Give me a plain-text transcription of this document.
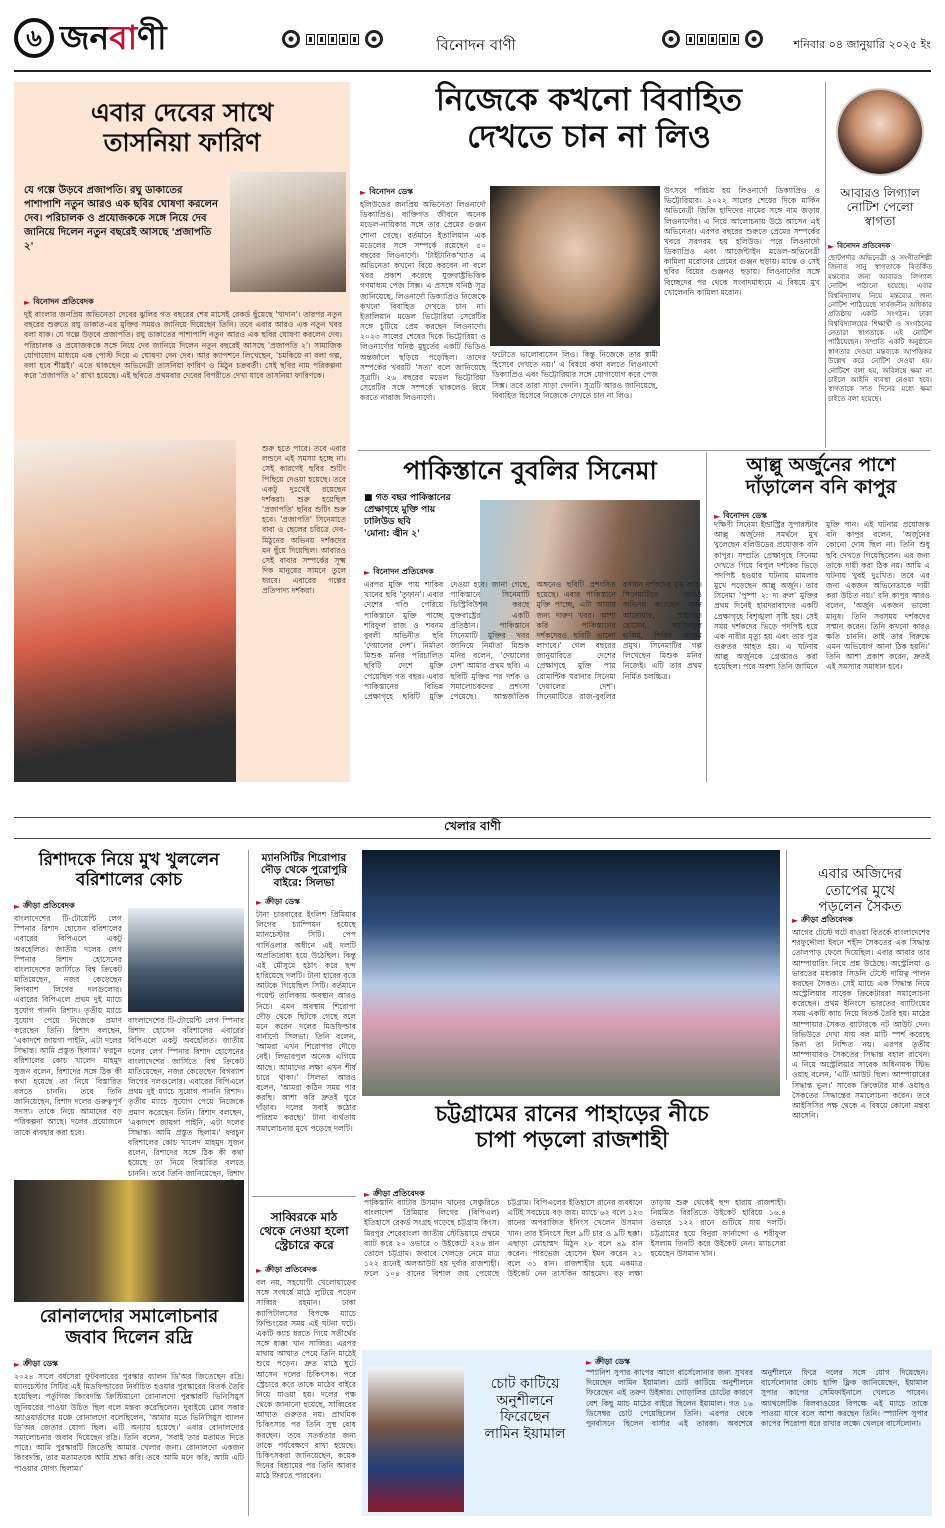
৬ জনবাণী	বিনোদন বাণী	শনিবার ০৪ জানুয়ারি ২০২৫ ইং
এবার দেবের সাথে
তাসনিয়া ফারিণ
যে গল্পে উড়বে প্রজাপতি। রঘু ডাকাতের পাশাপাশি নতুন আরও এক ছবির ঘোষণা করলেন দেব। পরিচালক ও প্রযোজককে সঙ্গে নিয়ে দেব জানিয়ে দিলেন নতুন বছরেই আসছে 'প্রজাপতি ২'
► বিনোদন প্রতিবেদক
দুই বাংলার জনপ্রিয় অভিনেতা দেবের ঝুলির গত বছরের শেষ মাসেই রেকর্ড ছুঁয়েছে 'খাদান'। তারপর নতুন বছরের শুরুতে রঘু ডাকাত-এর মুক্তির সময়ও জানিয়ে দিয়েছেন তিনি। তবে এবার আরও এক নতুন খবর বলা যাক। যে গল্পে উড়বে প্রজাপতি। রঘু ডাকাতের পাশাপাশি নতুন আরও এক ছবির ঘোষণা করলেন দেব। পরিচালক ও প্রযোজককে সঙ্গে নিয়ে দেব জানিয়ে দিলেন নতুন বছরেই আসছে 'প্রজাপতি ২'। সামাজিক যোগাযোগ মাধ্যমে এক পোস্ট দিয়ে এ ঘোষণা দেন দেব। আর ক্যাপশনে লিখেছেন, 'চমকিয়ে না বলা গল্প, বলা হবে শীঘ্রই।' এতে থাকছেন অভিনেত্রী তাসনিয়া ফারিণ ও মিঠুন চক্রবর্তী। সেই ছবির নাম পরিকল্পনা করে 'প্রজাপতি ২' রাখা হয়েছে। এই ছবিতে প্রথমবার দেবের বিপরীতে দেখা যাবে তাসনিয়া ফারিণকে।
শুরু হতে পারে। তবে এবার লন্ডনে এই সমস্যা হচ্ছে না। সেই কারণেই ছবির শুটিং পিছিয়ে দেওয়া হয়েছে। তবে একটু দুঃখেই রয়েছেন দর্শকরা। শুরু হয়েছিল 'প্রজাপতি' ছবির শুটিং শুরু হবে। 'প্রজাপতি' সিনেমাতে বাবা ও ছেলের চরিত্রে দেব-মিঠুনের অভিনয় দর্শকদের মন ছুঁয়ে দিয়েছিল। আবারও সেই বাবার সম্পর্কের সূক্ষ্ম দিক মানুষের সামনে তুলে ধরবে। এবারের গল্পের প্রতিপাদ্য দর্শকরা।
নিজেকে কখনো বিবাহিত
দেখতে চান না লিও
► বিনোদন ডেস্ক
হলিউডের জনপ্রিয় অভিনেতা লিওনার্দো ডিক্যাপ্রিও। ব্যক্তিগত জীবনে অনেক মডেল-নায়িকার সঙ্গে তার প্রেমের গুঞ্জন শোনা গেছে। বর্তমানে ইতালিয়ান এক মডেলের সঙ্গে সম্পর্কে রয়েছেন ৫০ বছরের লিওনার্দো। 'টাইটানিক'খ্যাত এ অভিনেতা কখনো বিয়ে করবেন না বলে খবর প্রকাশ করেছে যুক্তরাষ্ট্রভিত্তিক গণমাধ্যম পেজ সিক্স। এ প্রসঙ্গে ঘনিষ্ঠ সূত্র জানিয়েছে, লিওনার্দো ডিক্যাপ্রিও নিজেকে কখনো বিবাহিত দেখতে চান না। ইতালিয়ান মডেল ভিট্টোরিয়া সেরেটির সঙ্গে চুটিয়ে প্রেম করছেন লিওনার্দো। ২০২৩ সালের শেষের দিকে ভিট্টোরিয়া ও লিওনার্দোর ঘনিষ্ঠ মুহূর্তের একটি ভিডিও অন্তর্জালে ছড়িয়ে পড়েছিল। তাদের সম্পর্কের খবরটি 'সত্য' বলে জানিয়েছে সূত্রটি। ২৬ বছরের মডেল ভিট্টোরিয়া সেরেটির সঙ্গে সম্পর্কে থাকলেও বিয়ে করতে নারাজ লিওনার্দো।
ফটোতে ভালোবাসেন লিও। কিন্তু নিজেকে তার স্বামী হিসেবে দেখতে নয়।' এ বিষয়ে কথা বলতে লিওনার্দো ডিক্যাপ্রিও এবং ভিট্টোরিয়ার সঙ্গে যোগাযোগ করে পেজ সিক্স। তবে তারা সাড়া দেননি। সূত্রটি আরও জানিয়েছে, বিবাহিত হিসেবে নিজেকে দেখতে চান না লিও।
উৎসবে পরিচয় হয় লিওনার্দো ডিক্যাপ্রিও ও ভিট্টোরিয়ার। ২০২২ সালের শেষের দিকে মার্কিন অভিনেত্রী জিজি হাদিদের নামের সঙ্গে নাম জড়ায় লিওনার্দোর। এ নিয়ে আলোচনায় উঠে আসেন এই অভিনেতা। এরপর বছরের শুরুতে প্রেমের সম্পর্কের খবরে সরগরম হয় হলিউড। পরে লিওনার্দো ডিক্যাপ্রিও এবং আর্জেন্টাইন মডেল-অভিনেত্রী কামিলা মরোনের প্রেমের গুঞ্জন ছড়ায়। মাঝে ও সেই ছবির বিয়ের গুঞ্জনও ছড়ায়। লিওনার্দোর সঙ্গে বিচ্ছেদের পর থেকে সংবাদমাধ্যমে এ বিষয়ে মুখ খোলেননি কামিলা মরোন।
আবারও লিগ্যাল
নোটিশ পেলো
স্বাগতা
► বিনোদন প্রতিবেদক
ছোটপর্দার অভিনেত্রী ও সংগীতশিল্পী জিনাত সানু স্বাগতাকে বিতর্কিত মন্তব্যের জন্য আবারও লিগ্যাল নোটিশ পাঠানো হয়েছে। এবার বিশ্ববিদ্যালয় নিয়ে মন্তব্যের জন্য নোটিশ পাঠিয়েছে সার্বজনীন অধিকার প্রতিষ্ঠায় একটি সংগঠন। ঢাকা বিশ্ববিদ্যালয়ের শিক্ষার্থী ও সংগঠনের নেতারা স্বাগতাকে এই নোটিশ পাঠিয়েছেন। সম্প্রতি একটি অনুষ্ঠানে স্বাগতার দেওয়া মন্তব্যকে আপত্তিকর উল্লেখ করে নোটিশ দেওয়া হয়। নোটিশে বলা হয়, অবিলম্বে ক্ষমা না চাইলে আইনি ব্যবস্থা নেওয়া হবে। স্বাগতাকে সাত দিনের মধ্যে ক্ষমা চাইতে বলা হয়েছে।
পাকিস্তানে বুবলির সিনেমা
■ গত বছর পাকিস্তানের
প্রেক্ষাগৃহে মুক্তি পায়
ঢালিউড ছবি
'মোনা: জ্বীন ২'
► বিনোদন প্রতিবেদক
এরপর মুক্তি পায় শাকিব খানের ছবি 'তুফান'। এবার দেশের গণ্ডি পেরিয়ে পাকিস্তানে মুক্তি পাচ্ছে শরিফুল রাজ ও শবনম বুবলী অভিনীত ছবি 'দেয়ালের দেশ'। নির্মাতা মিশুক মনির পরিচালিত ছবিটি দেশে মুক্তি পেয়েছিল গত বছর। এবার পাকিস্তানের বিভিন্ন প্রেক্ষাগৃহে ছবিটি মুক্তি দেওয়া হবে। জানা গেছে, পাকিস্তানে সিনেমাটি ডিস্ট্রিবিউশন করছে যুক্তরাষ্ট্রের একটি প্রতিষ্ঠান। পাকিস্তানে সিনেমাটি মুক্তির খবর জানিয়ে নির্মাতা মিশুক মনির বলেন, 'দেয়ালের দেশ' আমার প্রথম ছবি। এ ছবিটি মুক্তির পর দর্শক ও সমালোচকদের প্রশংসা পেয়েছে। আন্তর্জাতিক অঙ্গনেও ছবিটি প্রশংসিত হয়েছে। এবার পাকিস্তানে মুক্তি পাচ্ছে, এটা আমার জন্য দারুণ খবর। আশা করি পাকিস্তানের দর্শকদেরও ছবিটি ভালো লাগবে।' গেল বছরের জানুয়ারিতে দেশের প্রেক্ষাগৃহে মুক্তি পায় রোমান্টিক ঘরানার সিনেমা 'দেয়ালের দেশ'। সিনেমাটিতে রাজ-বুবলির রসায়ন দর্শকদের মুগ্ধ করে। সিনেমাটিতে আরও অভিনয় করেছেন সুমন আনোয়ার, শাহাদাত হোসেন, আজিজুল হাকিম, শিরিন আলম প্রমুখ। সিনেমাটির গল্প লিখেছেন মিশুক মনির নিজেই। এটি তার প্রথম নির্মিত চলচ্চিত্র।
আল্লু অর্জুনের পাশে
দাঁড়ালেন বনি কাপুর
► বিনোদন ডেস্ক
দক্ষিণী সিনেমা ইন্ডাস্ট্রির সুপারস্টার আল্লু অর্জুনের সমর্থনে মুখ খুলেছেন বলিউডের প্রযোজক বনি কাপুর। সম্প্রতি প্রেক্ষাগৃহে সিনেমা দেখতে গিয়ে বিপুল দর্শকের ভিড়ে পদপিষ্ট হওয়ার ঘটনায় মামলার মুখে পড়েছেন আল্লু অর্জুন। তার সিনেমা 'পুষ্পা ২: দ্য রুল' মুক্তির প্রথম দিনেই হায়দরাবাদের একটি প্রেক্ষাগৃহে বিশৃঙ্খলা সৃষ্টি হয়। সেই সময় দর্শকদের ভিড়ে পদপিষ্ট হয়ে এক নারীর মৃত্যু হয় এবং তার পুত্র গুরুতর আহত হয়। এ ঘটনায় আল্লু অর্জুনকে গ্রেপ্তারও করা হয়েছিল। পরে অবশ্য তিনি জামিনে মুক্তি পান। এই ঘটনায় প্রযোজক বনি কাপুর বলেন, 'অর্জুনের কোনো দোষ ছিল না। তিনি শুধু ছবি দেখতে গিয়েছিলেন। এর জন্য তাকে দায়ী করা ঠিক নয়। আমি এ ঘটনায় খুবই দুঃখিত। তবে এর জন্য একজন অভিনেতাকে দায়ী করা উচিত নয়।' বনি কাপুর আরও বলেন, 'অর্জুন একজন ভালো মানুষ। তিনি সবসময় দর্শকদের সম্মান করেন। তিনি কখনো কারও ক্ষতি চাননি। তাই তার বিরুদ্ধে এমন অভিযোগ আনা ঠিক হয়নি।' তিনি আশা প্রকাশ করেন, দ্রুতই এই সমস্যার সমাধান হবে।
খেলার বাণী
রিশাদকে নিয়ে মুখ খুললেন
বরিশালের কোচ
► ক্রীড়া প্রতিবেদক
বাংলাদেশের টি-টোয়েন্টি লেগ স্পিনার রিশাদ হোসেন বরিশালের এবারের বিপিএলে একটু অবহেলিত। জাতীয় দলের লেগ স্পিনার রিশাদ হোসেনের বাংলাদেশের জার্সিতে বিশ্ব ক্রিকেট মাতিয়েছেন, নজর কেড়েছেন বিগব্যাশ লিগের দলগুলোর। এবারের বিপিএলে প্রথম দুই ম্যাচে সুযোগ পাননি রিশাদ। তৃতীয় ম্যাচে সুযোগ পেয়ে নিজেকে প্রমাণ করেছেন তিনি। রিশাদ বলছেন, 'একাদশে জায়গা পাইনি, এটা দলের সিদ্ধান্ত। আমি প্রস্তুত ছিলাম।' ফরচুন বরিশালের কোচ খালেদ মাহমুদ সুজন বলেন, রিশাদের সঙ্গে ঠিক কী কথা হয়েছে তা নিয়ে বিস্তারিত বলতে চাননি। তবে তিনি জানিয়েছেন, রিশাদ দলের গুরুত্বপূর্ণ সদস্য। তাকে নিয়ে আমাদের বড় পরিকল্পনা আছে। দলের প্রয়োজনে তাকে ব্যবহার করা হবে।
বাংলাদেশের টি-টোয়েন্টি লেগ স্পিনার রিশাদ হোসেন বরিশালের এবারের বিপিএলে একটু অবহেলিত। জাতীয় দলের লেগ স্পিনার রিশাদ হোসেনের বাংলাদেশের জার্সিতে বিশ্ব ক্রিকেট মাতিয়েছেন, নজর কেড়েছেন বিগব্যাশ লিগের দলগুলোর। এবারের বিপিএলে প্রথম দুই ম্যাচে সুযোগ পাননি রিশাদ। তৃতীয় ম্যাচে সুযোগ পেয়ে নিজেকে প্রমাণ করেছেন তিনি। রিশাদ বলছেন, 'একাদশে জায়গা পাইনি, এটা দলের সিদ্ধান্ত। আমি প্রস্তুত ছিলাম।' ফরচুন বরিশালের কোচ খালেদ মাহমুদ সুজন বলেন, রিশাদের সঙ্গে ঠিক কী কথা হয়েছে তা নিয়ে বিস্তারিত বলতে চাননি। তবে তিনি জানিয়েছেন, রিশাদ
রোনালদোর সমালোচনার
জবাব দিলেন রদ্রি
► ক্রীড়া ডেস্ক
২০২৪ সালে বর্ষসেরা ফুটবলারের পুরস্কার ব্যালন ডি'অর জিতেছেন রদ্রি। ম্যানচেস্টার সিটির এই মিডফিল্ডারের নির্বাচিত হওয়ার পুরস্কারের বিতর্ক তৈরি হয়েছিল। পর্তুগিজ কিংবদন্তি ক্রিস্টিয়ানো রোনালদো পুরস্কারটি ভিনিসিয়ুস জুনিয়রের পাওয়া উচিত ছিল বলে মন্তব্য করেছিলেন। দুবাইয়ে গ্লোব সকার অ্যাওয়ার্ডসের মঞ্চে রোনালদো বলেছিলেন, 'আমার মতে ভিনিসিয়ুস ব্যালন ডি'অর জেতার যোগ্য ছিল। এটি অন্যায় হয়েছে।' এবার রোনালদোর সমালোচনার জবাব দিয়েছেন রদ্রি। তিনি বলেন, 'সবাই তার মতামত দিতে পারে। আমি পুরস্কারটি জিতেছি আমার খেলার জন্য। রোনালদো একজন কিংবদন্তি, তার মতামতকে আমি শ্রদ্ধা করি। তবে আমি মনে করি, আমি এটি পাওয়ার যোগ্য ছিলাম।'
ম্যানসিটির শিরোপার
দৌড় থেকে পুরোপুরি
বাইরে: সিলভা
► ক্রীড়া ডেস্ক
টানা চারবারের ইংলিশ প্রিমিয়ার লিগের চ্যাম্পিয়ন হয়েছে ম্যানচেস্টার সিটি। পেপ গার্দিওলার অধীনে এই দলটি অপ্রতিরোধ্য হয়ে উঠেছিল। কিন্তু এই মৌসুমে হঠাৎ করে ছন্দ হারিয়েছে দলটি। টানা হারের বৃত্তে আটকে গিয়েছিল সিটি। বর্তমানে পয়েন্ট তালিকায় অবস্থান আরও নিচে। এমন অবস্থায় শিরোপা দৌড় থেকে ছিটকে গেছে বলে মনে করেন দলের মিডফিল্ডার বার্নার্দো সিলভা। তিনি বলেন, 'আমরা এখন শিরোপার দৌড়ে নেই। লিভারপুল অনেক এগিয়ে আছে। আমাদের লক্ষ্য এখন শীর্ষ চারে থাকা।' সিলভা আরও বলেন, 'আমরা কঠিন সময় পার করছি। আশা করি দ্রুতই ঘুরে দাঁড়াব। দলের সবাই কঠোর পরিশ্রম করছে।' টানা ব্যর্থতায় সমালোচনার মুখে পড়েছে দলটি।
এবার অজিদের
তোপের মুখে
পড়লেন সৈকত
► ক্রীড়া প্রতিবেদক
আগের টেস্টে ঘটে যাওয়া বিতর্কে বাংলাদেশের শরফুদ্দৌলা ইবনে শহীদ সৈকতের এক সিদ্ধান্ত তোলপাড় ফেলে দিয়েছিল। এবার আবার তার আম্পায়ারিং নিয়ে প্রশ্ন উঠেছে। অস্ট্রেলিয়া ও ভারতের মধ্যকার সিডনি টেস্টে দায়িত্ব পালন করছেন সৈকত। সেই ম্যাচে এক সিদ্ধান্ত নিয়ে অস্ট্রেলিয়ার সাবেক ক্রিকেটাররা সমালোচনা করেছেন। প্রথম ইনিংসে ভারতের ব্যাটিংয়ের সময় একটি ক্যাচ নিয়ে বিতর্ক তৈরি হয়। মাঠের আম্পায়ার সৈকত ব্যাটারকে নট আউট দেন। রিভিউতে দেখা যায় বল মাটি স্পর্শ করেছে কিনা তা নিশ্চিত নয়। এরপর তৃতীয় আম্পায়ারও সৈকতের সিদ্ধান্ত বহাল রাখেন। এ নিয়ে অস্ট্রেলিয়ার সাবেক অধিনায়ক স্টিভ ওয়াহ বলেন, 'এটি আউট ছিল। আম্পায়ারের সিদ্ধান্ত ভুল।' সাবেক ক্রিকেটার মার্ক ওয়াহও সৈকতের সিদ্ধান্তের সমালোচনা করেন। তবে আইসিসির পক্ষ থেকে এ বিষয়ে কোনো মন্তব্য আসেনি।
চট্টগ্রামের রানের পাহাড়ের নীচে
চাপা পড়লো রাজশাহী
► ক্রীড়া প্রতিবেদক
পাকিস্তানি ব্যাটার উসমান খানের সেঞ্চুরিতে বাংলাদেশ প্রিমিয়ার লিগের (বিপিএল) ইতিহাসে রেকর্ড সংগ্রহ গড়েছে চট্টগ্রাম কিংস। মিরপুর শেরেবাংলা জাতীয় স্টেডিয়ামে প্রথমে ব্যাট করে ২০ ওভারে ৩ উইকেটে ২২৬ রান তোলে চট্টগ্রাম। জবাবে খেলতে নেমে মাত্র ১২২ রানেই অলআউট হয় দুর্বার রাজশাহী। ফলে ১০৪ রানের বিশাল জয় পেয়েছে চট্টগ্রাম। বিপিএলের ইতিহাসে রানের ব্যবধানে এটিই সবচেয়ে বড় জয়। ম্যাচে ৬২ বলে ১২৩ রানের অপরাজিত ইনিংস খেলেন উসমান খান। তার ইনিংসে ছিল ৯টি চার ও ৯টি ছক্কা। এছাড়া মোহাম্মদ মিঠুন ২৮ বলে ৪৯ রান করেন। পারভেজ হোসেন ইমন করেন ২১ বলে ৩১ রান। রাজশাহীর হয়ে একমাত্র উইকেট নেন তাসকিন আহমেদ। বড় লক্ষ্য তাড়ায় শুরু থেকেই ছন্দ হারায় রাজশাহী। নিয়মিত বিরতিতে উইকেট হারিয়ে ১৬.৪ ওভারে ১২২ রানে গুটিয়ে যায় দলটি। চট্টগ্রামের হয়ে বিনুরা ফার্নান্দো ও শরীফুল ইসলাম তিনটি করে উইকেট নেন। ম্যাচসেরা হয়েছেন উসমান খান।
সাব্বিরকে মাঠ
থেকে নেওয়া হলো
স্ট্রেচারে করে
► ক্রীড়া প্রতিবেদক
বল নয়, সহযোগী খেলোয়াড়ের সঙ্গে সংঘর্ষে মাঠে লুটিয়ে পড়েন সাব্বির রহমান। ঢাকা ক্যাপিটালসের বিপক্ষে ম্যাচে ফিল্ডিংয়ের সময় এই ঘটনা ঘটে। একটি ক্যাচ ধরতে গিয়ে সতীর্থের সঙ্গে ধাক্কা খান সাব্বির। এরপর মাথায় আঘাত পেয়ে তিনি মাঠেই শুয়ে পড়েন। দ্রুত মাঠে ছুটে আসেন দলের চিকিৎসক। পরে স্ট্রেচারে করে তাকে মাঠের বাইরে নিয়ে যাওয়া হয়। দলের পক্ষ থেকে জানানো হয়েছে, সাব্বিরের আঘাত গুরুতর নয়। প্রাথমিক চিকিৎসার পর তিনি সুস্থ বোধ করছেন। তবে সতর্কতার জন্য তাকে পর্যবেক্ষণে রাখা হয়েছে। চিকিৎসকরা জানিয়েছেন, কয়েক দিনের বিশ্রামের পর তিনি আবার মাঠে ফিরতে পারবেন।
চোট কাটিয়ে
অনুশীলনে
ফিরেছেন
লামিন ইয়ামাল
► ক্রীড়া ডেস্ক
স্প্যানিশ সুপার কাপের আগে বার্সেলোনার জন্য সুখবর দিয়েছেন লামিন ইয়ামাল। চোট কাটিয়ে অনুশীলনে ফিরেছেন এই তরুণ উইঙ্গার। গোড়ালির চোটের কারণে বেশ কিছু ম্যাচ মাঠের বাইরে ছিলেন ইয়ামাল। গত ১৬ ডিসেম্বর চোট পেয়েছিলেন তিনি। এরপর থেকে পুনর্বাসনে ছিলেন বার্সার এই তারকা। অবশেষে অনুশীলনে ফিরে দলের সঙ্গে যোগ দিয়েছেন। বার্সেলোনার কোচ হান্সি ফ্লিক জানিয়েছেন, ইয়ামাল সুপার কাপের সেমিফাইনালে খেলতে পারেন। অ্যাথলেটিক বিলবাওয়ের বিপক্ষে এই ম্যাচে তাকে পাওয়া যাবে বলে আশা করছেন তিনি। স্প্যানিশ সুপার কাপের শিরোপা ধরে রাখার লক্ষ্যে খেলবে বার্সেলোনা।
